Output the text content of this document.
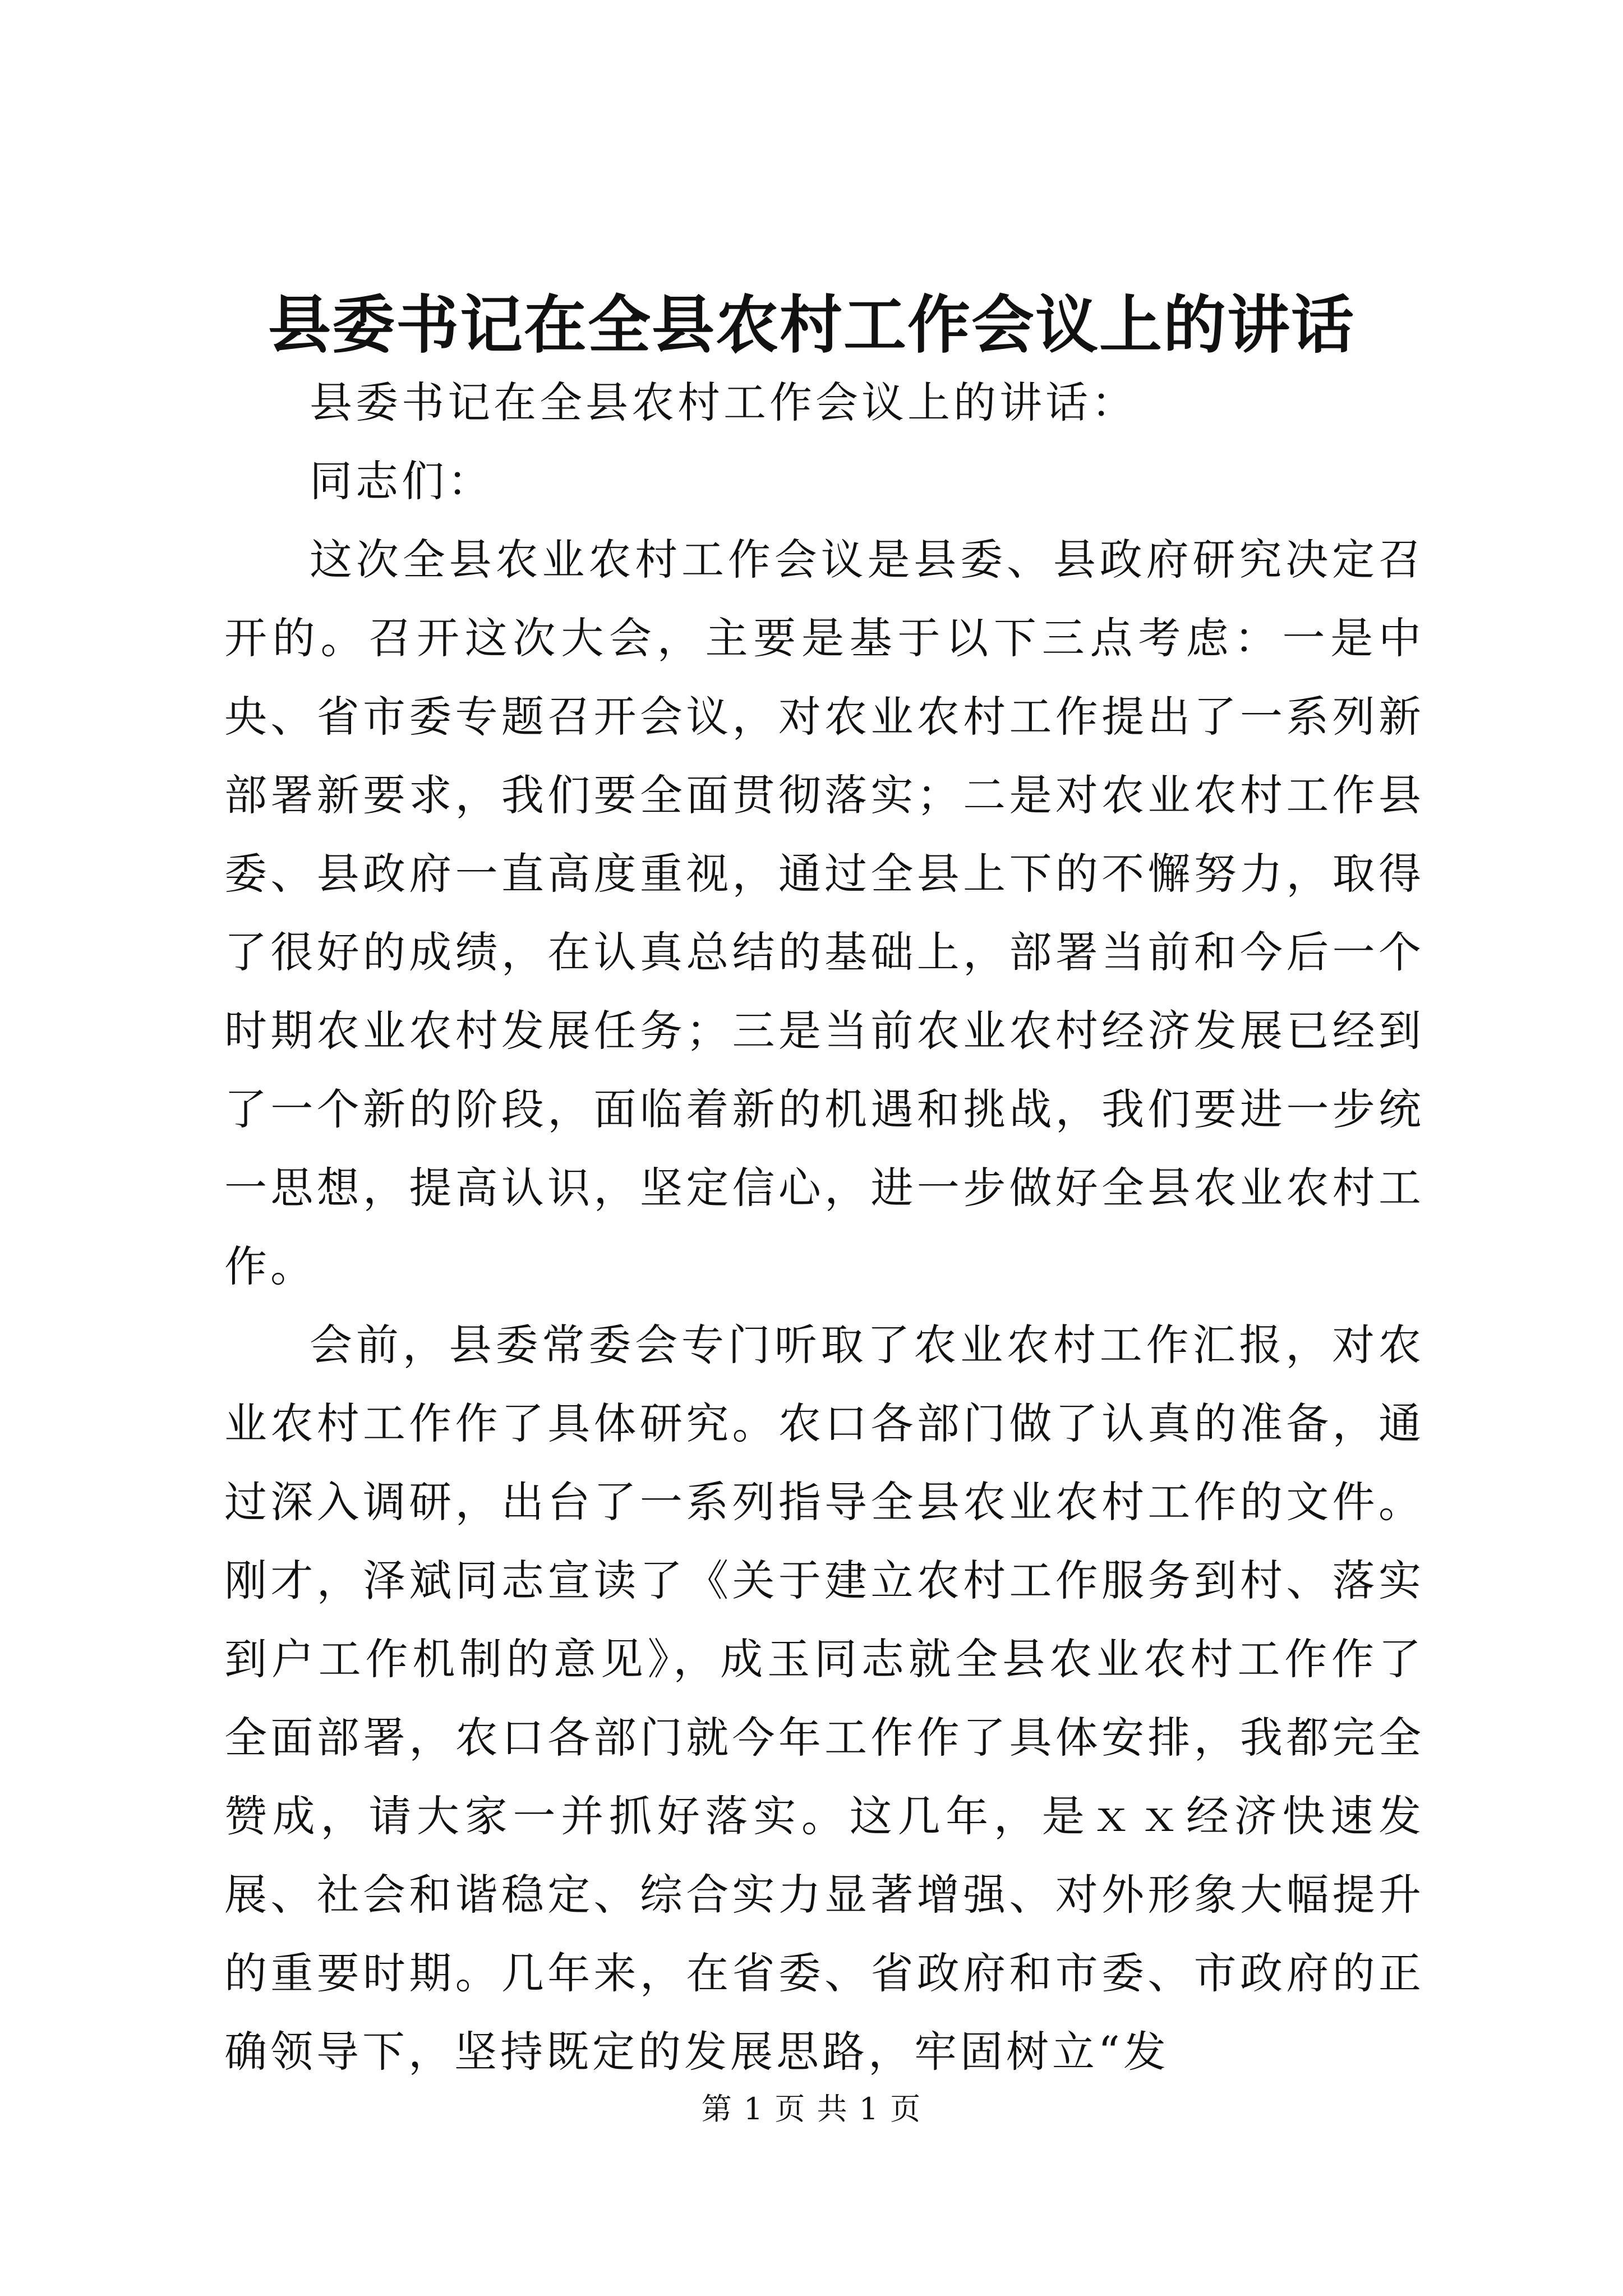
县委书记在全县农村工作会议上的讲话

县委书记在全县农村工作会议上的讲话：

同志们：

这次全县农业农村工作会议是县委、县政府研究决定召开的。召开这次大会，主要是基于以下三点考虑：一是中央、省市委专题召开会议，对农业农村工作提出了一系列新部署新要求，我们要全面贯彻落实；二是对农业农村工作县委、县政府一直高度重视，通过全县上下的不懈努力，取得了很好的成绩，在认真总结的基础上，部署当前和今后一个时期农业农村发展任务；三是当前农业农村经济发展已经到了一个新的阶段，面临着新的机遇和挑战，我们要进一步统一思想，提高认识，坚定信心，进一步做好全县农业农村工作。

会前，县委常委会专门听取了农业农村工作汇报，对农业农村工作作了具体研究。农口各部门做了认真的准备，通过深入调研，出台了一系列指导全县农业农村工作的文件。刚才，泽斌同志宣读了《关于建立农村工作服务到村、落实到户工作机制的意见》，成玉同志就全县农业农村工作作了全面部署，农口各部门就今年工作作了具体安排，我都完全赞成，请大家一并抓好落实。这几年，是ｘｘ经济快速发展、社会和谐稳定、综合实力显著增强、对外形象大幅提升的重要时期。几年来，在省委、省政府和市委、市政府的正确领导下，坚持既定的发展思路，牢固树立“发

第 1 页 共 1 页
